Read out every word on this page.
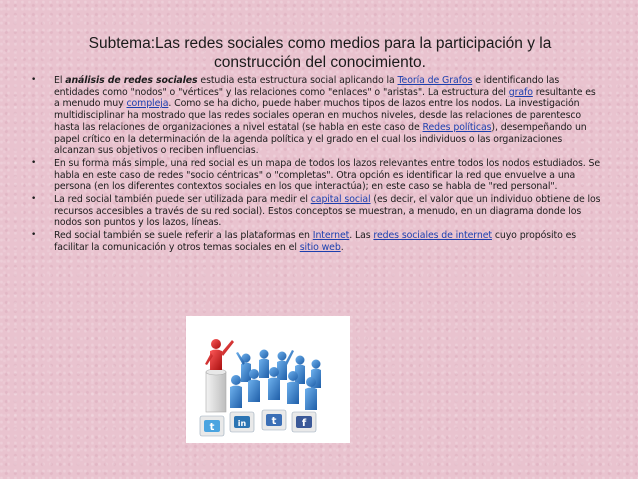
Subtema:Las redes sociales como medios para la participación y la
construcción del conocimiento.
• El análisis de redes sociales estudia esta estructura social aplicando la Teoría de Grafos e identificando las entidades como "nodos" o "vértices" y las relaciones como "enlaces" o "aristas". La estructura del grafo resultante es a menudo muy compleja. Como se ha dicho, puede haber muchos tipos de lazos entre los nodos. La investigación multidisciplinar ha mostrado que las redes sociales operan en muchos niveles, desde las relaciones de parentesco hasta las relaciones de organizaciones a nivel estatal (se habla en este caso de Redes políticas), desempeñando un papel crítico en la determinación de la agenda política y el grado en el cual los individuos o las organizaciones alcanzan sus objetivos o reciben influencias.
• En su forma más simple, una red social es un mapa de todos los lazos relevantes entre todos los nodos estudiados. Se habla en este caso de redes "socio céntricas" o "completas". Otra opción es identificar la red que envuelve a una persona (en los diferentes contextos sociales en los que interactúa); en este caso se habla de "red personal".
• La red social también puede ser utilizada para medir el capital social (es decir, el valor que un individuo obtiene de los recursos accesibles a través de su red social). Estos conceptos se muestran, a menudo, en un diagrama donde los nodos son puntos y los lazos, líneas.
• Red social también se suele referir a las plataformas en Internet. Las redes sociales de internet cuyo propósito es facilitar la comunicación y otros temas sociales en el sitio web.
t	in	t	f
